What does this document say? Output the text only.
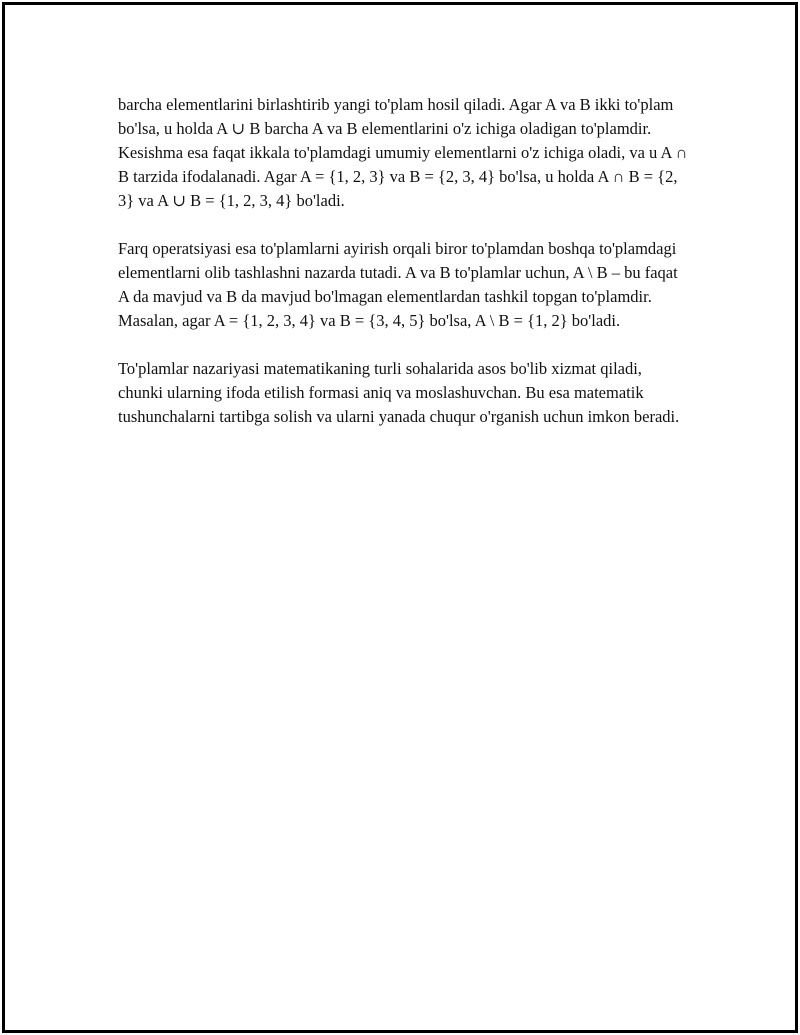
barcha elementlarini birlashtirib yangi to'plam hosil qiladi. Agar A va B ikki to'plam bo'lsa, u holda A ∪ B barcha A va B elementlarini o'z ichiga oladigan to'plamdir. Kesishma esa faqat ikkala to'plamdagi umumiy elementlarni o'z ichiga oladi, va u A ∩ B tarzida ifodalanadi. Agar A = {1, 2, 3} va B = {2, 3, 4} bo'lsa, u holda A ∩ B = {2, 3} va A ∪ B = {1, 2, 3, 4} bo'ladi.

Farq operatsiyasi esa to'plamlarni ayirish orqali biror to'plamdan boshqa to'plamdagi elementlarni olib tashlashni nazarda tutadi. A va B to'plamlar uchun, A \ B – bu faqat A da mavjud va B da mavjud bo'lmagan elementlardan tashkil topgan to'plamdir. Masalan, agar A = {1, 2, 3, 4} va B = {3, 4, 5} bo'lsa, A \ B = {1, 2} bo'ladi.

To'plamlar nazariyasi matematikaning turli sohalarida asos bo'lib xizmat qiladi, chunki ularning ifoda etilish formasi aniq va moslashuvchan. Bu esa matematik tushunchalarni tartibga solish va ularni yanada chuqur o'rganish uchun imkon beradi.
